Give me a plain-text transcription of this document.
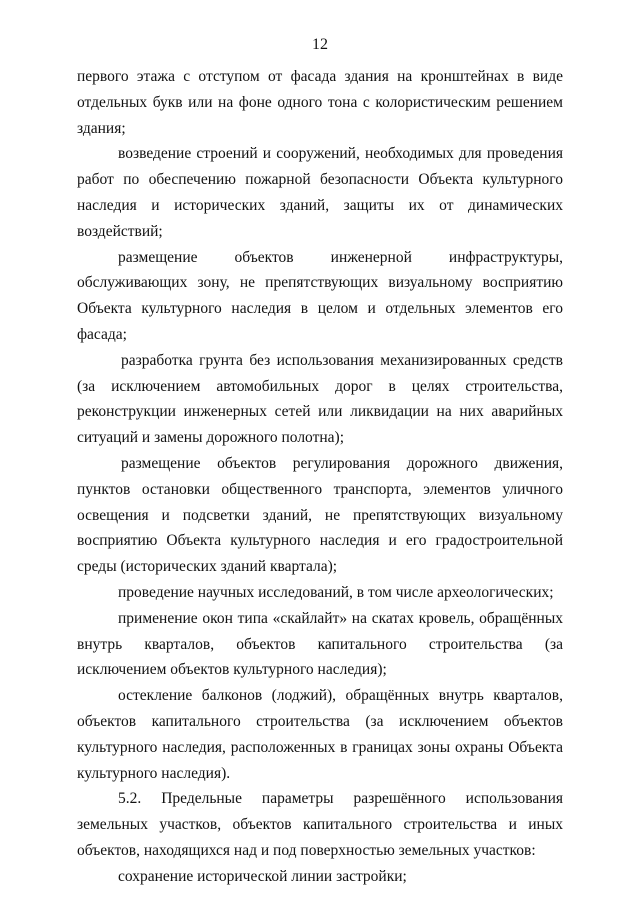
12

первого этажа с отступом от фасада здания на кронштейнах в виде отдельных букв или на фоне одного тона с колористическим решением здания;

возведение строений и сооружений, необходимых для проведения работ по обеспечению пожарной безопасности Объекта культурного наследия и исторических зданий, защиты их от динамических воздействий;

размещение объектов инженерной инфраструктуры, обслуживающих зону, не препятствующих визуальному восприятию Объекта культурного наследия в целом и отдельных элементов его фасада;

разработка грунта без использования механизированных средств (за исключением автомобильных дорог в целях строительства, реконструкции инженерных сетей или ликвидации на них аварийных ситуаций и замены дорожного полотна);

размещение объектов регулирования дорожного движения, пунктов остановки общественного транспорта, элементов уличного освещения и подсветки зданий, не препятствующих визуальному восприятию Объекта культурного наследия и его градостроительной среды (исторических зданий квартала);

проведение научных исследований, в том числе археологических;

применение окон типа «скайлайт» на скатах кровель, обращённых внутрь кварталов, объектов капитального строительства (за исключением объектов культурного наследия);

остекление балконов (лоджий), обращённых внутрь кварталов, объектов капитального строительства (за исключением объектов культурного наследия, расположенных в границах зоны охраны Объекта культурного наследия).

5.2. Предельные параметры разрешённого использования земельных участков, объектов капитального строительства и иных объектов, находящихся над и под поверхностью земельных участков:

сохранение исторической линии застройки;
